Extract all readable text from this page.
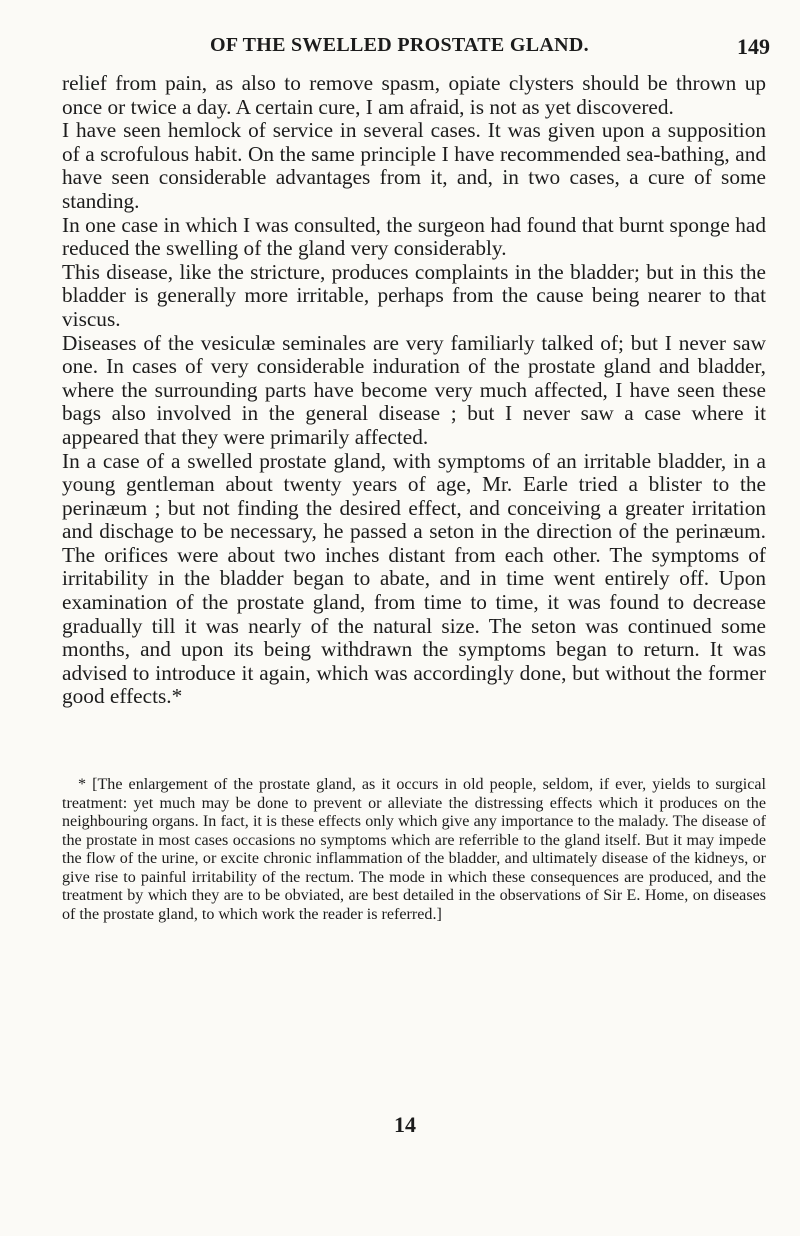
OF THE SWELLED PROSTATE GLAND.	149

relief from pain, as also to remove spasm, opiate clysters should be thrown up once or twice a day. A certain cure, I am afraid, is not as yet discovered.

I have seen hemlock of service in several cases. It was given upon a supposition of a scrofulous habit. On the same principle I have recommended sea-bathing, and have seen considerable advantages from it, and, in two cases, a cure of some standing.

In one case in which I was consulted, the surgeon had found that burnt sponge had reduced the swelling of the gland very considerably.

This disease, like the stricture, produces complaints in the bladder; but in this the bladder is generally more irritable, perhaps from the cause being nearer to that viscus.

Diseases of the vesiculæ seminales are very familiarly talked of; but I never saw one. In cases of very considerable induration of the prostate gland and bladder, where the surrounding parts have become very much affected, I have seen these bags also involved in the general disease ; but I never saw a case where it appeared that they were primarily affected.

In a case of a swelled prostate gland, with symptoms of an irritable bladder, in a young gentleman about twenty years of age, Mr. Earle tried a blister to the perinæum ; but not finding the desired effect, and conceiving a greater irritation and dischage to be necessary, he passed a seton in the direction of the perinæum. The orifices were about two inches distant from each other. The symptoms of irritability in the bladder began to abate, and in time went entirely off. Upon examination of the prostate gland, from time to time, it was found to decrease gradually till it was nearly of the natural size. The seton was continued some months, and upon its being withdrawn the symptoms began to return. It was advised to introduce it again, which was accordingly done, but without the former good effects.*

* [The enlargement of the prostate gland, as it occurs in old people, seldom, if ever, yields to surgical treatment: yet much may be done to prevent or alleviate the distressing effects which it produces on the neighbouring organs. In fact, it is these effects only which give any importance to the malady. The disease of the prostate in most cases occasions no symptoms which are referrible to the gland itself. But it may impede the flow of the urine, or excite chronic inflammation of the bladder, and ultimately disease of the kidneys, or give rise to painful irritability of the rectum. The mode in which these consequences are produced, and the treatment by which they are to be obviated, are best detailed in the observations of Sir E. Home, on diseases of the prostate gland, to which work the reader is referred.]

14
